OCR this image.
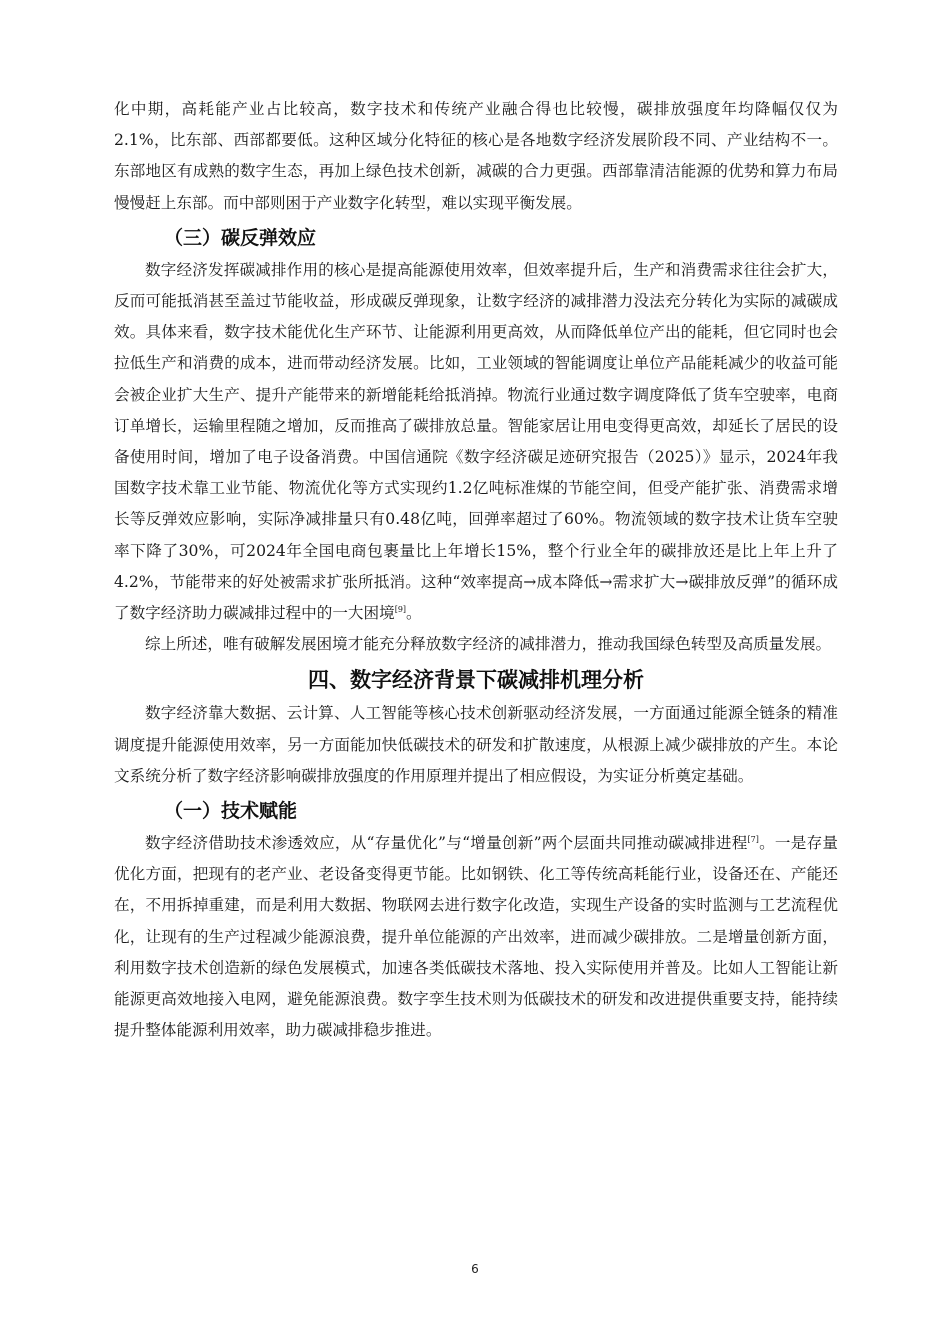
化中期，高耗能产业占比较高，数字技术和传统产业融合得也比较慢，碳排放强度年均降幅仅仅为2.1%，比东部、西部都要低。这种区域分化特征的核心是各地数字经济发展阶段不同、产业结构不一。东部地区有成熟的数字生态，再加上绿色技术创新，减碳的合力更强。西部靠清洁能源的优势和算力布局慢慢赶上东部。而中部则困于产业数字化转型，难以实现平衡发展。

（三）碳反弹效应

数字经济发挥碳减排作用的核心是提高能源使用效率，但效率提升后，生产和消费需求往往会扩大，反而可能抵消甚至盖过节能收益，形成碳反弹现象，让数字经济的减排潜力没法充分转化为实际的减碳成效。具体来看，数字技术能优化生产环节、让能源利用更高效，从而降低单位产出的能耗，但它同时也会拉低生产和消费的成本，进而带动经济发展。比如，工业领域的智能调度让单位产品能耗减少的收益可能会被企业扩大生产、提升产能带来的新增能耗给抵消掉。物流行业通过数字调度降低了货车空驶率，电商订单增长，运输里程随之增加，反而推高了碳排放总量。智能家居让用电变得更高效，却延长了居民的设备使用时间，增加了电子设备消费。中国信通院《数字经济碳足迹研究报告（2025）》显示，2024年我国数字技术靠工业节能、物流优化等方式实现约1.2亿吨标准煤的节能空间，但受产能扩张、消费需求增长等反弹效应影响，实际净减排量只有0.48亿吨，回弹率超过了60%。物流领域的数字技术让货车空驶率下降了30%，可2024年全国电商包裹量比上年增长15%，整个行业全年的碳排放还是比上年上升了 4.2%，节能带来的好处被需求扩张所抵消。这种“效率提高→成本降低→需求扩大→碳排放反弹”的循环成了数字经济助力碳减排过程中的一大困境[9]。

综上所述，唯有破解发展困境才能充分释放数字经济的减排潜力，推动我国绿色转型及高质量发展。

四、数字经济背景下碳减排机理分析

数字经济靠大数据、云计算、人工智能等核心技术创新驱动经济发展，一方面通过能源全链条的精准调度提升能源使用效率，另一方面能加快低碳技术的研发和扩散速度，从根源上减少碳排放的产生。本论文系统分析了数字经济影响碳排放强度的作用原理并提出了相应假设，为实证分析奠定基础。

（一）技术赋能

数字经济借助技术渗透效应，从“存量优化”与“增量创新”两个层面共同推动碳减排进程[7]。一是存量优化方面，把现有的老产业、老设备变得更节能。比如钢铁、化工等传统高耗能行业，设备还在、产能还在，不用拆掉重建，而是利用大数据、物联网去进行数字化改造，实现生产设备的实时监测与工艺流程优化，让现有的生产过程减少能源浪费，提升单位能源的产出效率，进而减少碳排放。二是增量创新方面，利用数字技术创造新的绿色发展模式，加速各类低碳技术落地、投入实际使用并普及。比如人工智能让新能源更高效地接入电网，避免能源浪费。数字孪生技术则为低碳技术的研发和改进提供重要支持，能持续提升整体能源利用效率，助力碳减排稳步推进。

6
